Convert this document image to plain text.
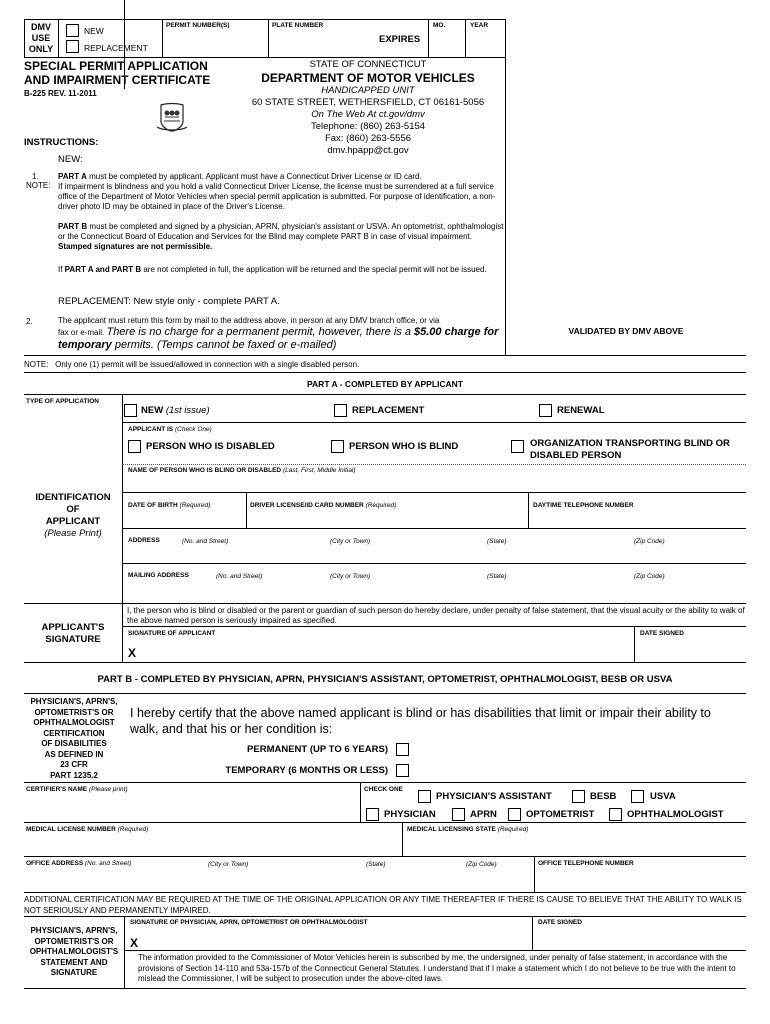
DMV
USE
ONLY
NEW
REPLACEMENT
PERMIT NUMBER(S)	PLATE NUMBER
EXPIRES
MO.	YEAR
SPECIAL PERMIT APPLICATION
AND IMPAIRMENT CERTIFICATE
B-225 REV. 11-2011
STATE OF CONNECTICUT
DEPARTMENT OF MOTOR VEHICLES
HANDICAPPED UNIT
60 STATE STREET, WETHERSFIELD, CT 06161-5056
On The Web At ct.gov/dmv
Telephone: (860) 263-5154
Fax: (860) 263-5556
dmv.hpapp@ct.gov
INSTRUCTIONS:
NEW:
1.
NOTE:
PART A must be completed by applicant. Applicant must have a Connecticut Driver License or ID card.
If impairment is blindness and you hold a valid Connecticut Driver License, the license must be surrendered at a full service office of the Department of Motor Vehicles when special permit application is submitted. For purpose of identification, a non-driver photo ID may be obtained in place of the Driver's License.
PART B must be completed and signed by a physician, APRN, physician's assistant or USVA. An optometrist, ophthalmologist or the Connecticut Board of Education and Services for the Blind may complete PART B in case of visual impairment. Stamped signatures are not permissible.
If PART A and PART B are not completed in full, the application will be returned and the special permit will not be issued.
REPLACEMENT: New style only - complete PART A.
2.	The applicant must return this form by mail to the address above, in person at any DMV branch office, or via
fax or e-mail. There is no charge for a permanent permit, however, there is a $5.00 charge for temporary permits. (Temps cannot be faxed or e-mailed)
VALIDATED BY DMV ABOVE
NOTE: Only one (1) permit will be issued/allowed in connection with a single disabled person.
PART A - COMPLETED BY APPLICANT
TYPE OF APPLICATION
NEW (1st issue)	REPLACEMENT	RENEWAL
APPLICANT IS (Check One)
PERSON WHO IS DISABLED	PERSON WHO IS BLIND	ORGANIZATION TRANSPORTING BLIND OR DISABLED PERSON
NAME OF PERSON WHO IS BLIND OR DISABLED (Last, First, Middle Initial)
IDENTIFICATION
OF
APPLICANT
(Please Print)
DATE OF BIRTH (Required)	DRIVER LICENSE/ID CARD NUMBER (Required)	DAYTIME TELEPHONE NUMBER
ADDRESS	(No. and Street)	(City or Town)	(State)	(Zip Code)
MAILING ADDRESS	(No. and Street)	(City or Town)	(State)	(Zip Code)
I, the person who is blind or disabled or the parent or guardian of such person do hereby declare, under penalty of false statement, that the visual acuity or the ability to walk of the above named person is seriously impaired as specified.
APPLICANT'S
SIGNATURE
SIGNATURE OF APPLICANT	DATE SIGNED
X
PART B - COMPLETED BY PHYSICIAN, APRN, PHYSICIAN'S ASSISTANT, OPTOMETRIST, OPHTHALMOLOGIST, BESB OR USVA
PHYSICIAN'S, APRN'S,
OPTOMETRIST'S OR
OPHTHALMOLOGIST
CERTIFICATION
OF DISABILITIES
AS DEFINED IN
23 CFR
PART 1235.2
I hereby certify that the above named applicant is blind or has disabilities that limit or impair their ability to walk, and that his or her condition is:
PERMANENT (UP TO 6 YEARS)
TEMPORARY (6 MONTHS OR LESS)
CERTIFIER'S NAME (Please print)	CHECK ONE
PHYSICIAN'S ASSISTANT	BESB	USVA
PHYSICIAN	APRN	OPTOMETRIST	OPHTHALMOLOGIST
MEDICAL LICENSE NUMBER (Required)	MEDICAL LICENSING STATE (Required)
OFFICE ADDRESS (No. and Street)	(City or Town)	(State)	(Zip Code)	OFFICE TELEPHONE NUMBER
ADDITIONAL CERTIFICATION MAY BE REQUIRED AT THE TIME OF THE ORIGINAL APPLICATION OR ANY TIME THEREAFTER IF THERE IS CAUSE TO BELIEVE THAT THE ABILITY TO WALK IS NOT SERIOUSLY AND PERMANENTLY IMPAIRED.
PHYSICIAN'S, APRN'S,
OPTOMETRIST'S OR
OPHTHALMOLOGIST'S
STATEMENT AND
SIGNATURE
SIGNATURE OF PHYSICIAN, APRN, OPTOMETRIST OR OPHTHALMOLOGIST	DATE SIGNED
X
The information provided to the Commissioner of Motor Vehicles herein is subscribed by me, the undersigned, under penalty of false statement, in accordance with the provisions of Section 14-110 and 53a-157b of the Connecticut General Statutes. I understand that if I make a statement which I do not believe to be true with the intent to mislead the Commissioner, I will be subject to prosecution under the above-cited laws.
